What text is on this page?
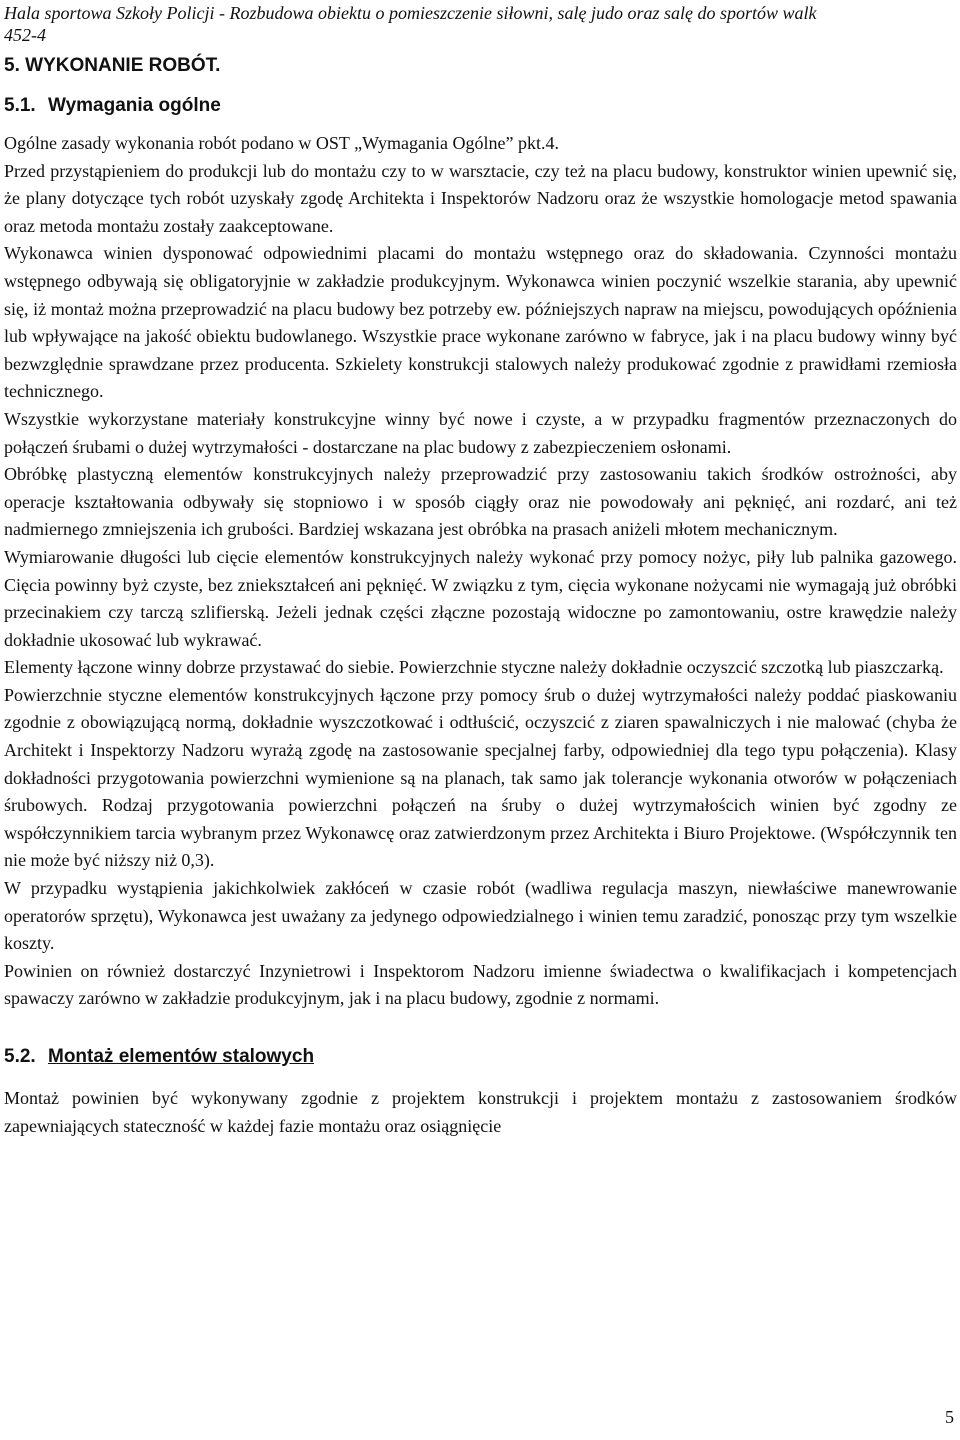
Hala sportowa Szkoły Policji - Rozbudowa obiektu o pomieszczenie siłowni, salę judo oraz salę do sportów walk
452-4
5. WYKONANIE ROBÓT.
5.1. Wymagania ogólne

Ogólne zasady wykonania robót podano w OST „Wymagania Ogólne” pkt.4.

Przed przystąpieniem do produkcji lub do montażu czy to w warsztacie, czy też na placu budowy, konstruktor winien upewnić się, że plany dotyczące tych robót uzyskały zgodę Architekta i Inspektorów Nadzoru oraz że wszystkie homologacje metod spawania oraz metoda montażu zostały zaakceptowane.

Wykonawca winien dysponować odpowiednimi placami do montażu wstępnego oraz do składowania. Czynności montażu wstępnego odbywają się obligatoryjnie w zakładzie produkcyjnym. Wykonawca winien poczynić wszelkie starania, aby upewnić się, iż montaż można przeprowadzić na placu budowy bez potrzeby ew. późniejszych napraw na miejscu, powodujących opóźnienia lub wpływające na jakość obiektu budowlanego. Wszystkie prace wykonane zarówno w fabryce, jak i na placu budowy winny być bezwzględnie sprawdzane przez producenta. Szkielety konstrukcji stalowych należy produkować zgodnie z prawidłami rzemiosła technicznego.

Wszystkie wykorzystane materiały konstrukcyjne winny być nowe i czyste, a w przypadku fragmentów przeznaczonych do połączeń śrubami o dużej wytrzymałości - dostarczane na plac budowy z zabezpieczeniem osłonami.

Obróbkę plastyczną elementów konstrukcyjnych należy przeprowadzić przy zastosowaniu takich środków ostrożności, aby operacje kształtowania odbywały się stopniowo i w sposób ciągły oraz nie powodowały ani pęknięć, ani rozdarć, ani też nadmiernego zmniejszenia ich grubości. Bardziej wskazana jest obróbka na prasach aniżeli młotem mechanicznym.

Wymiarowanie długości lub cięcie elementów konstrukcyjnych należy wykonać przy pomocy nożyc, piły lub palnika gazowego. Cięcia powinny byż czyste, bez zniekształceń ani pęknięć. W związku z tym, cięcia wykonane nożycami nie wymagają już obróbki przecinakiem czy tarczą szlifierską. Jeżeli jednak części złączne pozostają widoczne po zamontowaniu, ostre krawędzie należy dokładnie ukosować lub wykrawać.

Elementy łączone winny dobrze przystawać do siebie. Powierzchnie styczne należy dokładnie oczyszcić szczotką lub piaszczarką.

Powierzchnie styczne elementów konstrukcyjnych łączone przy pomocy śrub o dużej wytrzymałości należy poddać piaskowaniu zgodnie z obowiązującą normą, dokładnie wyszczotkować i odtłuścić, oczyszcić z ziaren spawalniczych i nie malować (chyba że Architekt i Inspektorzy Nadzoru wyrażą zgodę na zastosowanie specjalnej farby, odpowiedniej dla tego typu połączenia). Klasy dokładności przygotowania powierzchni wymienione są na planach, tak samo jak tolerancje wykonania otworów w połączeniach śrubowych. Rodzaj przygotowania powierzchni połączeń na śruby o dużej wytrzymałościch winien być zgodny ze współczynnikiem tarcia wybranym przez Wykonawcę oraz zatwierdzonym przez Architekta i Biuro Projektowe. (Współczynnik ten nie może być niższy niż 0,3).

W przypadku wystąpienia jakichkolwiek zakłóceń w czasie robót (wadliwa regulacja maszyn, niewłaściwe manewrowanie operatorów sprzętu), Wykonawca jest uważany za jedynego odpowiedzialnego i winien temu zaradzić, ponosząc przy tym wszelkie koszty.

Powinien on również dostarczyć Inzynietrowi i Inspektorom Nadzoru imienne świadectwa o kwalifikacjach i kompetencjach spawaczy zarówno w zakładzie produkcyjnym, jak i na placu budowy, zgodnie z normami.

5.2. Montaż elementów stalowych

Montaż powinien być wykonywany zgodnie z projektem konstrukcji i projektem montażu z zastosowaniem środków zapewniających stateczność w każdej fazie montażu oraz osiągnięcie

5
